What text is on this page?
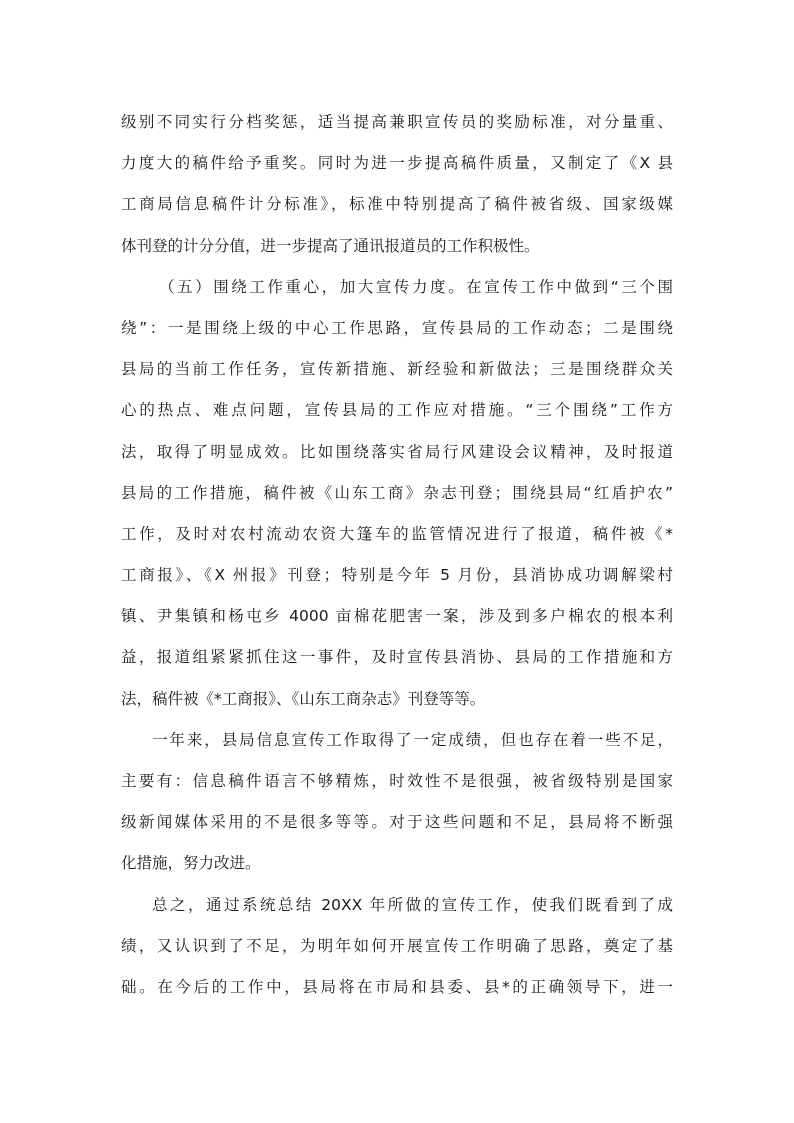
级别不同实行分档奖惩，适当提高兼职宣传员的奖励标准，对分量重、
力度大的稿件给予重奖。同时为进一步提高稿件质量，又制定了《X 县
工商局信息稿件计分标准》，标准中特别提高了稿件被省级、国家级媒
体刊登的计分分值，进一步提高了通讯报道员的工作积极性。
（五）围绕工作重心，加大宣传力度。在宣传工作中做到“三个围
绕”：一是围绕上级的中心工作思路，宣传县局的工作动态；二是围绕
县局的当前工作任务，宣传新措施、新经验和新做法；三是围绕群众关
心的热点、难点问题，宣传县局的工作应对措施。“三个围绕”工作方
法，取得了明显成效。比如围绕落实省局行风建设会议精神，及时报道
县局的工作措施，稿件被《山东工商》杂志刊登；围绕县局“红盾护农”
工作，及时对农村流动农资大篷车的监管情况进行了报道，稿件被《*
工商报》、《X 州报》刊登；特别是今年 5 月份，县消协成功调解梁村
镇、尹集镇和杨屯乡 4000 亩棉花肥害一案，涉及到多户棉农的根本利
益，报道组紧紧抓住这一事件，及时宣传县消协、县局的工作措施和方
法，稿件被《*工商报》、《山东工商杂志》刊登等等。
一年来，县局信息宣传工作取得了一定成绩，但也存在着一些不足，
主要有：信息稿件语言不够精炼，时效性不是很强，被省级特别是国家
级新闻媒体采用的不是很多等等。对于这些问题和不足，县局将不断强
化措施，努力改进。
总之，通过系统总结 20XX 年所做的宣传工作，使我们既看到了成
绩，又认识到了不足，为明年如何开展宣传工作明确了思路，奠定了基
础。在今后的工作中，县局将在市局和县委、县*的正确领导下，进一
